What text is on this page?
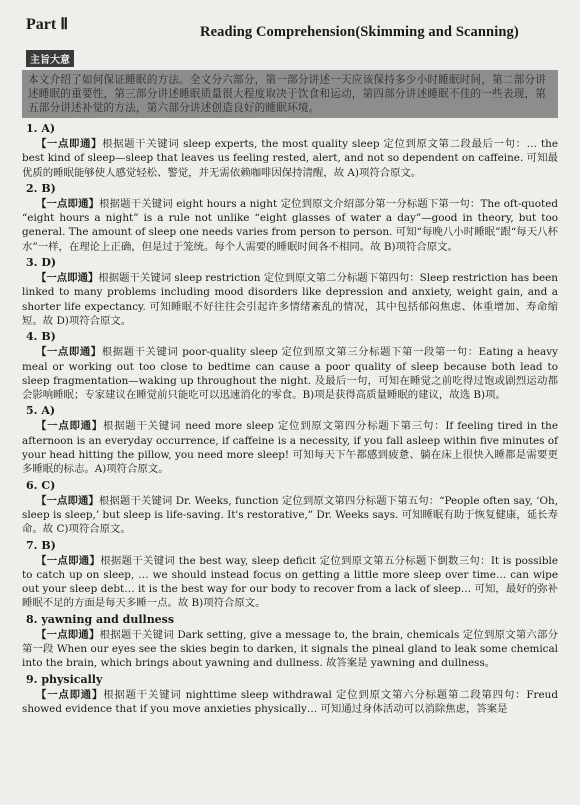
Part Ⅱ	Reading Comprehension(Skimming and Scanning)
主旨大意
本文介绍了如何保证睡眠的方法。全文分六部分，第一部分讲述一天应该保持多少小时睡眠时间，第二部分讲述睡眠的重要性，第三部分讲述睡眠质量很大程度取决于饮食和运动，第四部分讲述睡眠不佳的一些表现，第五部分讲述补觉的方法，第六部分讲述创造良好的睡眠环境。
1. A)
【一点即通】根据题干关键词 sleep experts, the most quality sleep 定位到原文第二段最后一句：… the best kind of sleep—sleep that leaves us feeling rested, alert, and not so dependent on caffeine. 可知最优质的睡眠能够使人感觉轻松、警觉，并无需依赖咖啡因保持清醒，故 A)项符合原文。
2. B)
【一点即通】根据题干关键词 eight hours a night 定位到原文介绍部分第一分标题下第一句：The oft-quoted “eight hours a night” is a rule not unlike “eight glasses of water a day”—good in theory, but too general. The amount of sleep one needs varies from person to person. 可知“每晚八小时睡眠”跟“每天八杯水”一样，在理论上正确，但是过于笼统。每个人需要的睡眠时间各不相同。故 B)项符合原文。
3. D)
【一点即通】根据题干关键词 sleep restriction 定位到原文第二分标题下第四句：Sleep restriction has been linked to many problems including mood disorders like depression and anxiety, weight gain, and a shorter life expectancy. 可知睡眠不好往往会引起许多情绪紊乱的情况，其中包括郁闷焦虑、体重增加、寿命缩短。故 D)项符合原文。
4. B)
【一点即通】根据题干关键词 poor-quality sleep 定位到原文第三分标题下第一段第一句：Eating a heavy meal or working out too close to bedtime can cause a poor quality of sleep because both lead to sleep fragmentation—waking up throughout the night. 及最后一句，可知在睡觉之前吃得过饱或剧烈运动都会影响睡眠；专家建议在睡觉前只能吃可以迅速消化的零食。B)项是获得高质量睡眠的建议，故选 B)项。
5. A)
【一点即通】根据题干关键词 need more sleep 定位到原文第四分标题下第三句：If feeling tired in the afternoon is an everyday occurrence, if caffeine is a necessity, if you fall asleep within five minutes of your head hitting the pillow, you need more sleep! 可知每天下午都感到疲惫、躺在床上很快入睡都是需要更多睡眠的标志。A)项符合原文。
6. C)
【一点即通】根据题干关键词 Dr. Weeks, function 定位到原文第四分标题下第五句：“People often say, ‘Oh, sleep is sleep,’ but sleep is life-saving. It's restorative,” Dr. Weeks says. 可知睡眠有助于恢复健康，延长寿命。故 C)项符合原文。
7. B)
【一点即通】根据题干关键词 the best way, sleep deficit 定位到原文第五分标题下倒数三句：It is possible to catch up on sleep, … we should instead focus on getting a little more sleep over time… can wipe out your sleep debt… it is the best way for our body to recover from a lack of sleep… 可知，最好的弥补睡眠不足的方面是每天多睡一点。故 B)项符合原文。
8. yawning and dullness
【一点即通】根据题干关键词 Dark setting, give a message to, the brain, chemicals 定位到原文第六部分第一段 When our eyes see the skies begin to darken, it signals the pineal gland to leak some chemical into the brain, which brings about yawning and dullness. 故答案是 yawning and dullness。
9. physically
【一点即通】根据题干关键词 nighttime sleep withdrawal 定位到原文第六分标题第二段第四句：Freud showed evidence that if you move anxieties physically… 可知通过身体活动可以消除焦虑，答案是
